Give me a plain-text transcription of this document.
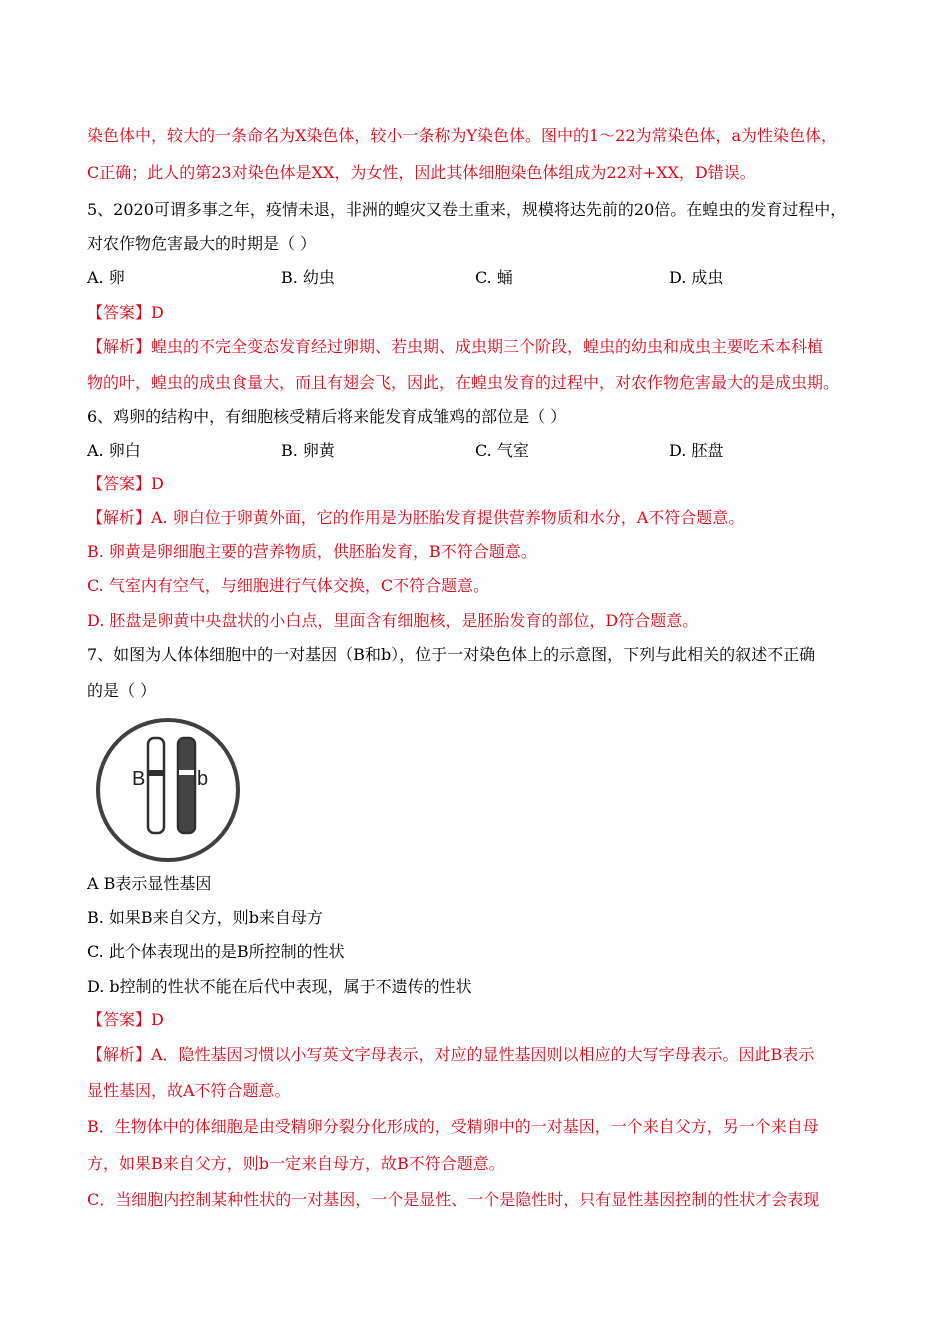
染色体中，较大的一条命名为X染色体，较小一条称为Y染色体。图中的1～22为常染色体，a为性染色体，
C正确；此人的第23对染色体是XX，为女性，因此其体细胞染色体组成为22对+XX，D错误。
5、2020可谓多事之年，疫情未退，非洲的蝗灾又卷土重来，规模将达先前的20倍。在蝗虫的发育过程中，
对农作物危害最大的时期是（ ）
A. 卵	B. 幼虫	C. 蛹	D. 成虫
【答案】D
【解析】蝗虫的不完全变态发育经过卵期、若虫期、成虫期三个阶段，蝗虫的幼虫和成虫主要吃禾本科植
物的叶，蝗虫的成虫食量大，而且有翅会飞，因此，在蝗虫发育的过程中，对农作物危害最大的是成虫期。
6、鸡卵的结构中，有细胞核受精后将来能发育成雏鸡的部位是（ ）
A. 卵白	B. 卵黄	C. 气室	D. 胚盘
【答案】D
【解析】A. 卵白位于卵黄外面，它的作用是为胚胎发育提供营养物质和水分，A不符合题意。
B. 卵黄是卵细胞主要的营养物质，供胚胎发育，B不符合题意。
C. 气室内有空气，与细胞进行气体交换，C不符合题意。
D. 胚盘是卵黄中央盘状的小白点，里面含有细胞核，是胚胎发育的部位，D符合题意。
7、如图为人体体细胞中的一对基因（B和b），位于一对染色体上的示意图，下列与此相关的叙述不正确
的是（ ）
B	b
A B表示显性基因
B. 如果B来自父方，则b来自母方
C. 此个体表现出的是B所控制的性状
D. b控制的性状不能在后代中表现，属于不遗传的性状
【答案】D
【解析】A．隐性基因习惯以小写英文字母表示，对应的显性基因则以相应的大写字母表示。因此B表示
显性基因，故A不符合题意。
B．生物体中的体细胞是由受精卵分裂分化形成的，受精卵中的一对基因，一个来自父方，另一个来自母
方，如果B来自父方，则b一定来自母方，故B不符合题意。
C．当细胞内控制某种性状的一对基因，一个是显性、一个是隐性时，只有显性基因控制的性状才会表现
